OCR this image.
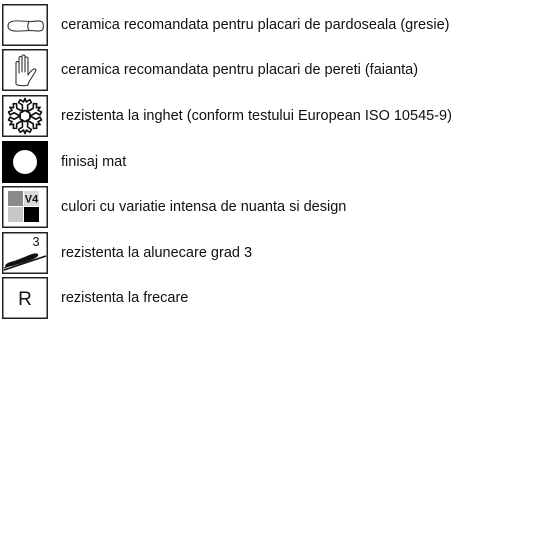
ceramica recomandata pentru placari de pardoseala (gresie)
ceramica recomandata pentru placari de pereti (faianta)
rezistenta la inghet (conform testului European ISO 10545-9)
finisaj mat
V4 culori cu variatie intensa de nuanta si design
3
rezistenta la alunecare grad 3
R rezistenta la frecare
